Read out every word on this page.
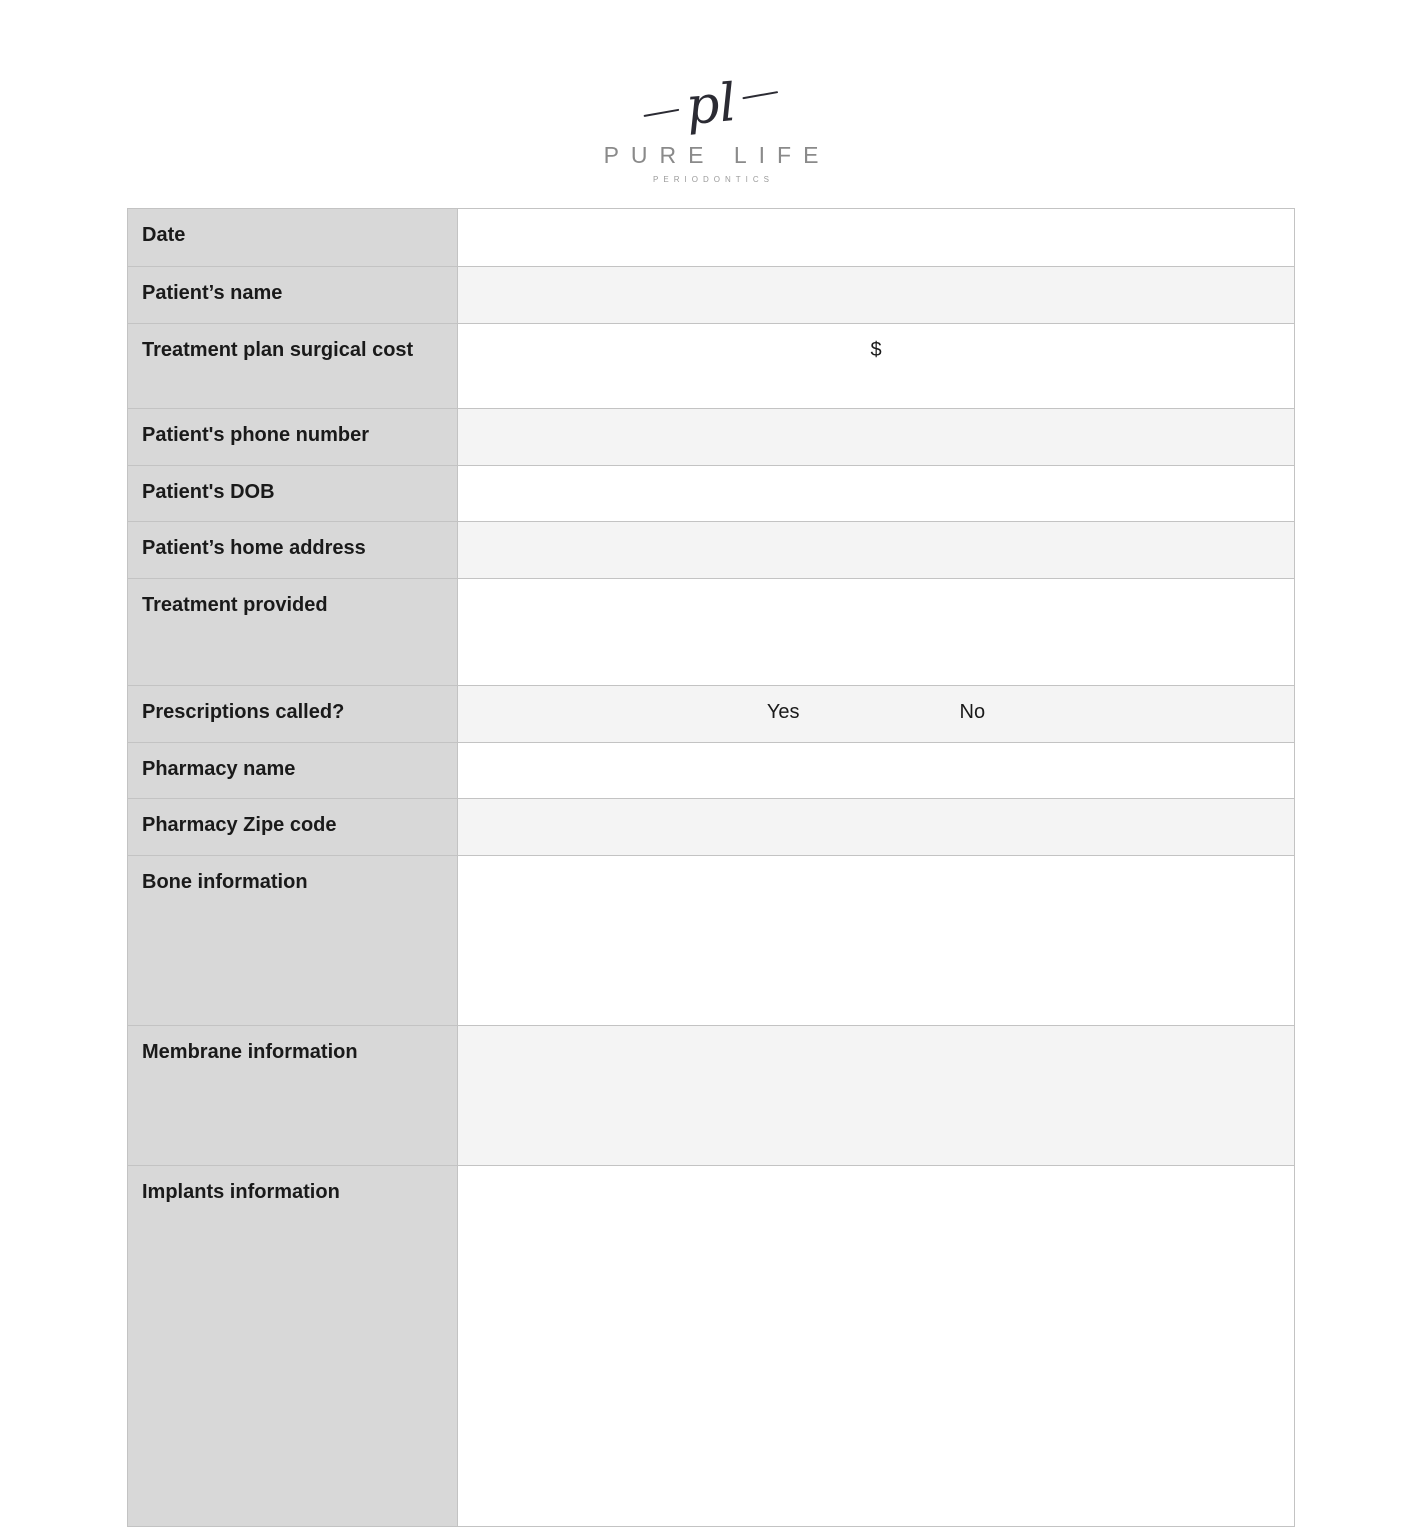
pl
PURE LIFE
PERIODONTICS
Date
Patient’s name
Treatment plan surgical cost	$
Patient's phone number
Patient's DOB
Patient’s home address
Treatment provided
Prescriptions called?	Yes	No
Pharmacy name
Pharmacy Zipe code
Bone information
Membrane information
Implants information
